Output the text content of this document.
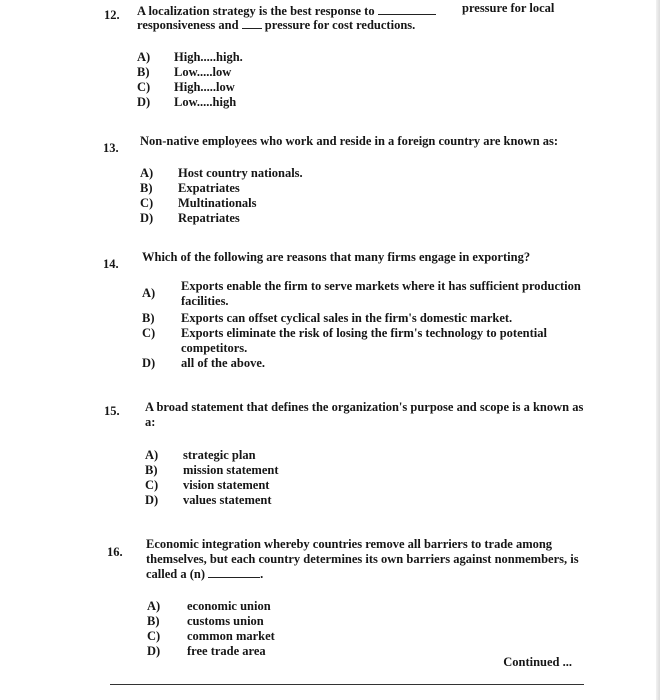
12. A localization strategy is the best response to	pressure for local
responsiveness and pressure for cost reductions.
A) High.....high.
B) Low.....low
C) High.....low
D) Low.....high
13. Non-native employees who work and reside in a foreign country are known as:
A) Host country nationals.
B) Expatriates
C) Multinationals
D) Repatriates
14. Which of the following are reasons that many firms engage in exporting?
A) Exports enable the firm to serve markets where it has sufficient production
facilities.
B) Exports can offset cyclical sales in the firm's domestic market.
C) Exports eliminate the risk of losing the firm's technology to potential
competitors.
D) all of the above.
15. A broad statement that defines the organization's purpose and scope is a known as
a:
A) strategic plan
B) mission statement
C) vision statement
D) values statement
16.
Economic integration whereby countries remove all barriers to trade among
themselves, but each country determines its own barriers against nonmembers, is
called a (n)	.
A) economic union
B) customs union
C) common market
D) free trade area
Continued ...
